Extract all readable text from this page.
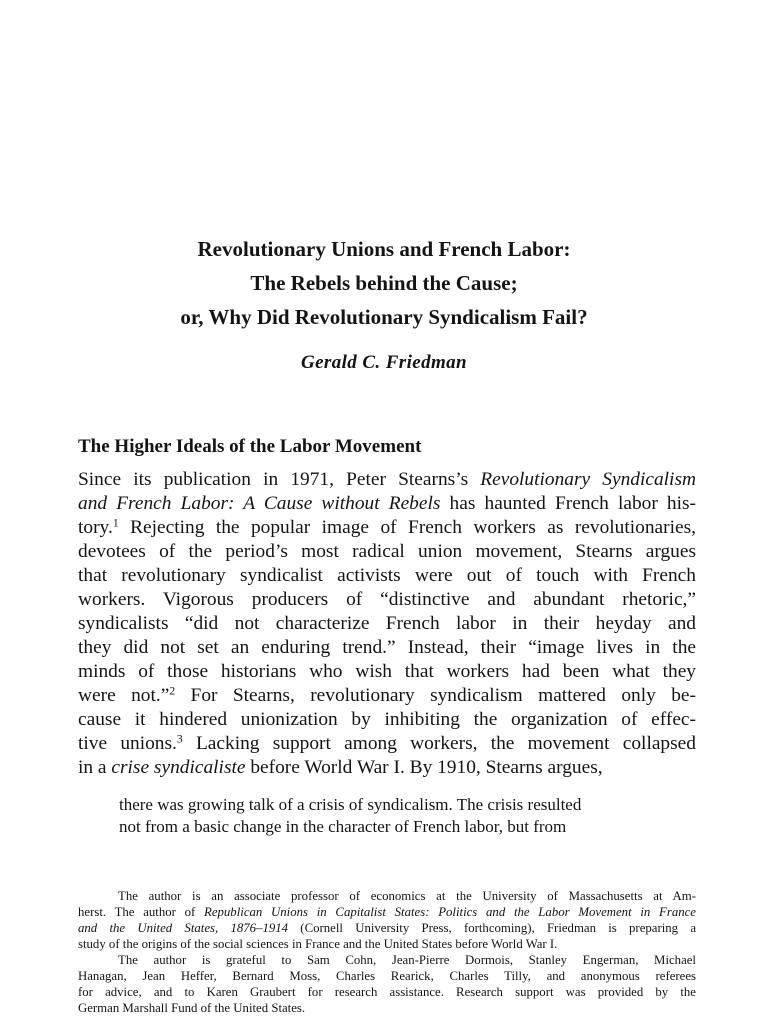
Revolutionary Unions and French Labor:
The Rebels behind the Cause;
or, Why Did Revolutionary Syndicalism Fail?

Gerald C. Friedman

The Higher Ideals of the Labor Movement
Since its publication in 1971, Peter Stearns’s Revolutionary Syndicalism
and French Labor: A Cause without Rebels has haunted French labor his-
tory.$^1$ Rejecting the popular image of French workers as revolutionaries,
devotees of the period’s most radical union movement, Stearns argues
that revolutionary syndicalist activists were out of touch with French
workers. Vigorous producers of “distinctive and abundant rhetoric,”
syndicalists “did not characterize French labor in their heyday and
they did not set an enduring trend.” Instead, their “image lives in the
minds of those historians who wish that workers had been what they
were not.”$^2$ For Stearns, revolutionary syndicalism mattered only be-
cause it hindered unionization by inhibiting the organization of effec-
tive unions.$^3$ Lacking support among workers, the movement collapsed
in a crise syndicaliste before World War I. By 1910, Stearns argues,
there was growing talk of a crisis of syndicalism. The crisis resulted
not from a basic change in the character of French labor, but from
The author is an associate professor of economics at the University of Massachusetts at Am-
herst. The author of Republican Unions in Capitalist States: Politics and the Labor Movement in France
and the United States, 1876–1914 (Cornell University Press, forthcoming), Friedman is preparing a
study of the origins of the social sciences in France and the United States before World War I.
The author is grateful to Sam Cohn, Jean-Pierre Dormois, Stanley Engerman, Michael
Hanagan, Jean Heffer, Bernard Moss, Charles Rearick, Charles Tilly, and anonymous referees
for advice, and to Karen Graubert for research assistance. Research support was provided by the
German Marshall Fund of the United States.
